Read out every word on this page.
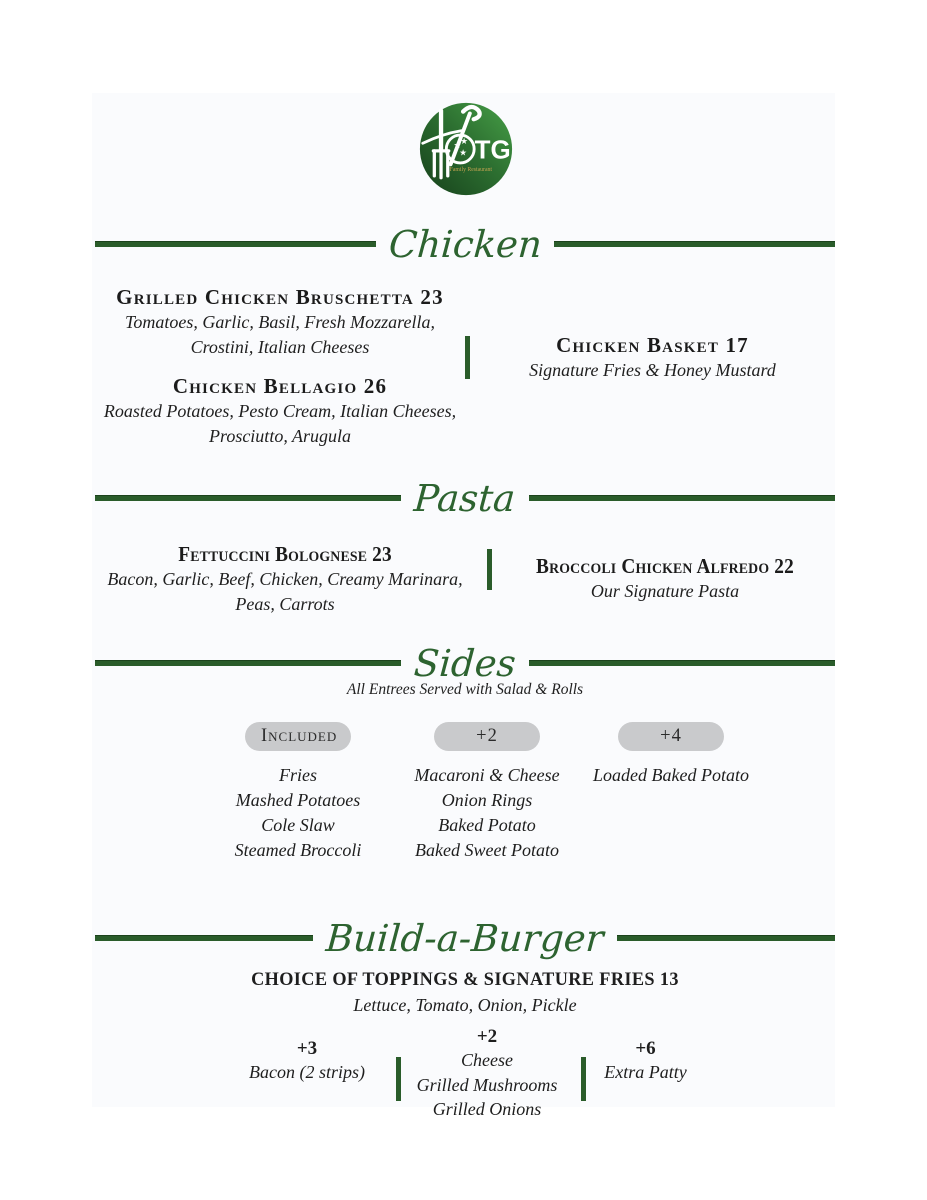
★
★
★ TG
Family Restaurant
Chicken
Grilled Chicken Bruschetta 23
Tomatoes, Garlic, Basil, Fresh Mozzarella,
Crostini, Italian Cheeses
Chicken Bellagio 26
Roasted Potatoes, Pesto Cream, Italian Cheeses,
Prosciutto, Arugula
Chicken Basket 17
Signature Fries & Honey Mustard
Pasta
Fettuccini Bolognese 23
Bacon, Garlic, Beef, Chicken, Creamy Marinara,
Peas, Carrots
Broccoli Chicken Alfredo 22
Our Signature Pasta
Sides
All Entrees Served with Salad & Rolls
Included
Fries
Mashed Potatoes
Cole Slaw
Steamed Broccoli
+2
Macaroni & Cheese
Onion Rings
Baked Potato
Baked Sweet Potato
+4
Loaded Baked Potato
Build-a-Burger
CHOICE OF TOPPINGS & SIGNATURE FRIES 13
Lettuce, Tomato, Onion, Pickle
+3
Bacon (2 strips)
+2
Cheese
Grilled Mushrooms
Grilled Onions
+6
Extra Patty
